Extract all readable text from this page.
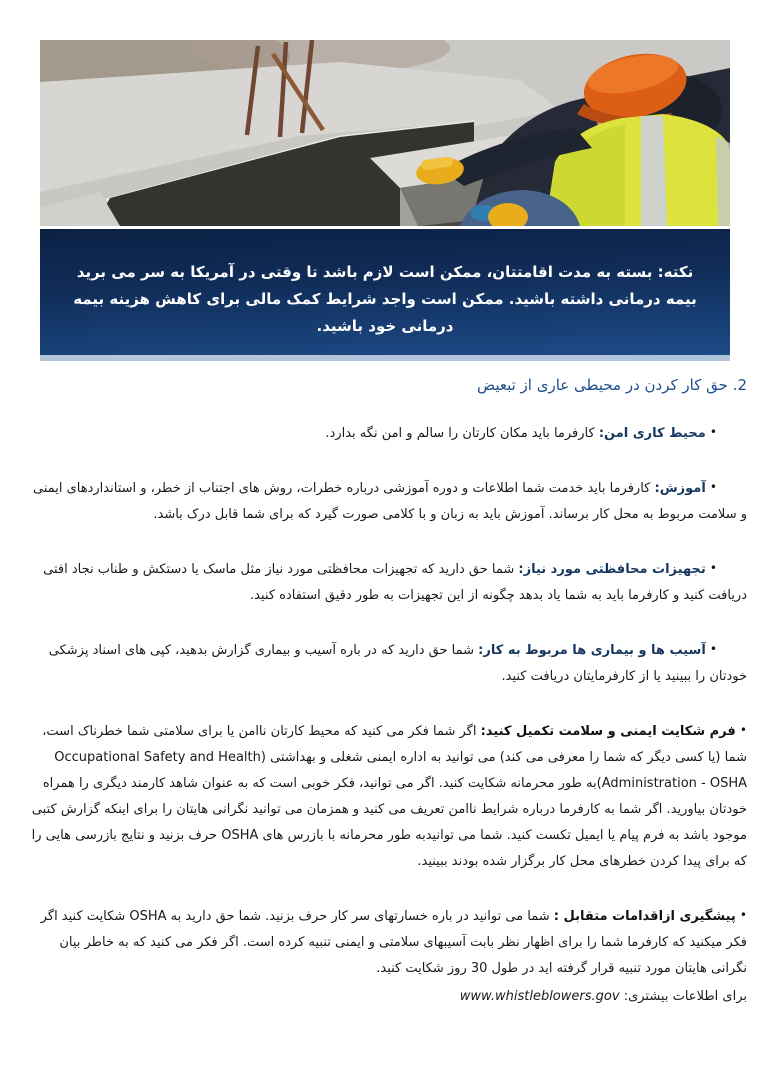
نکته: بسته به مدت اقامتتان، ممکن است لازم باشد تا وقتی در آمریکا به سر می برید بیمه درمانی داشته باشید. ممکن است واجد شرایط کمک مالی برای کاهش هزینه بیمه درمانی خود باشید.

2. حق کار کردن در محیطی عاری از تبعیض

• محیط کاری امن: کارفرما باید مکان کارتان را سالم و امن نگه بدارد.

• آموزش: کارفرما باید خدمت شما اطلاعات و دوره آموزشی درباره خطرات، روش های اجتناب از خطر، و استانداردهای ایمنی و سلامت مربوط به محل کار برساند. آموزش باید به زبان و با کلامی صورت گیرد که برای شما قابل درک باشد.

• تجهیزات محافظتی مورد نیاز: شما حق دارید که تجهیزات محافظتی مورد نیاز مثل ماسک یا دستکش و طناب نجاد افتی دریافت کنید و کارفرما باید به شما یاد بدهد چگونه از این تجهیزات به طور دقیق استفاده کنید.

• آسیب ها و بیماری ها مربوط به کار: شما حق دارید که در باره آسیب و بیماری گزارش بدهید، کپی های اسناد پزشکی خودتان را ببینید یا از کارفرمایتان دریافت کنید.

• فرم شکایت ایمنی و سلامت تکمیل کنید: اگر شما فکر می کنید که محیط کارتان ناامن یا برای سلامتی شما خطرناک است، شما (یا کسی دیگر که شما را معرفی می کند) می توانید به اداره ایمنی شغلی و بهداشتی (Occupational Safety and Health Administration - OSHA)به طور محرمانه شکایت کنید. اگر می توانید، فکر خوبی است که به عنوان شاهد کارمند دیگری را همراه خودتان بیاورید. اگر شما به کارفرما درباره شرایط ناامن تعریف می کنید و همزمان می توانید نگرانی هایتان را برای اینکه گزارش کتبی موجود باشد به فرم پیام یا ایمیل تکست کنید. شما می توانیدبه طور محرمانه با بازرس های OSHA حرف بزنید و نتایج بازرسی هایی را که برای پیدا کردن خطرهای محل کار برگزار شده بودند ببینید.

• پیشگیری ازاقدامات متقابل : شما می توانید در باره خسارتهای سر کار حرف بزنید. شما حق دارید به OSHA شکایت کنید اگر فکر میکنید که کارفرما شما را برای اظهار نظر بابت آسیبهای سلامتی و ایمنی تنبیه کرده است. اگر فکر می کنید که به خاطر بیان نگرانی هایتان مورد تنبیه قرار گرفته اید در طول 30 روز شکایت کنید.

برای اطلاعات بیشتری: www.whistleblowers.gov
